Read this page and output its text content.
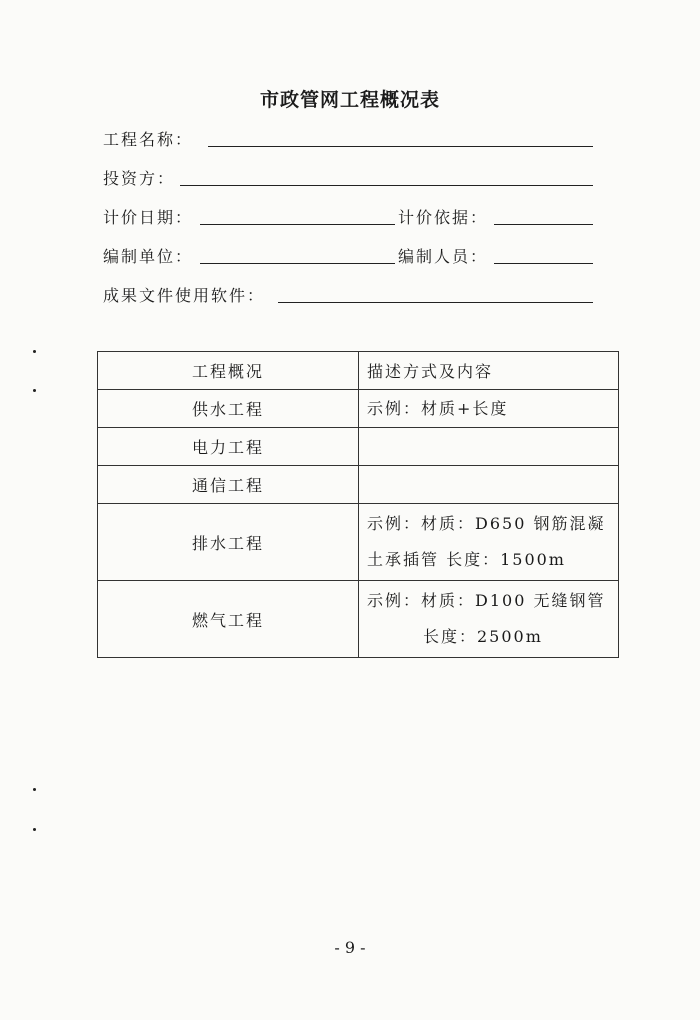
市政管网工程概况表
工程名称：
投资方：
计价日期：	计价依据：
编制单位：	编制人员：
成果文件使用软件：
工程概况	描述方式及内容
供水工程	示例：材质+长度

电力工程	
通信工程	
排水工程	示例：材质：D650 钢筋混凝
土承插管 长度：1500m

燃气工程	示例：材质：D100 无缝钢管
长度：2500m
- 9 -
